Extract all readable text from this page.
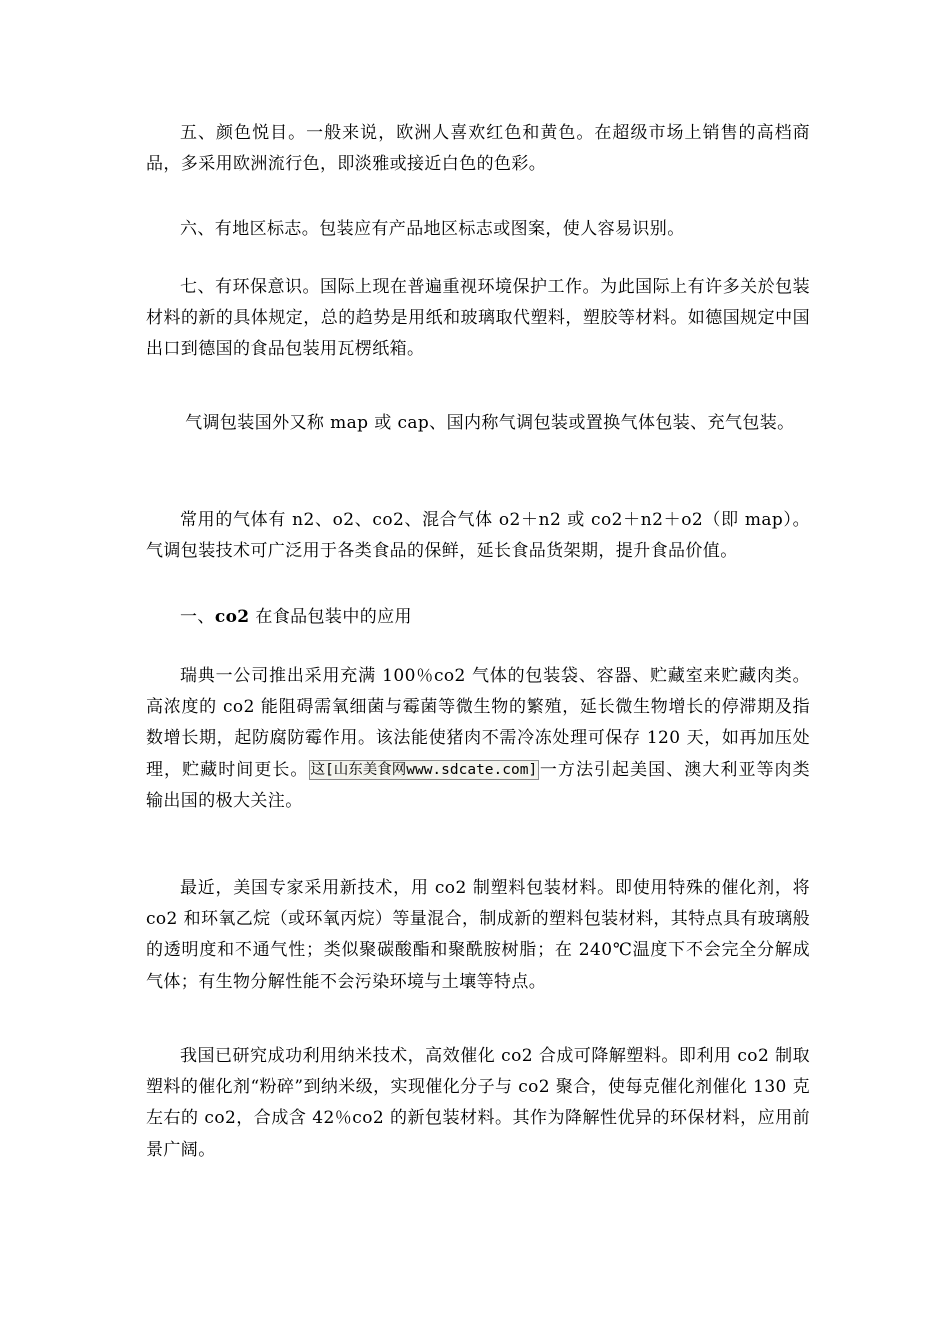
五、颜色悦目。一般来说，欧洲人喜欢红色和黄色。在超级市场上销售的高档商品，多采用欧洲流行色，即淡雅或接近白色的色彩。

六、有地区标志。包装应有产品地区标志或图案，使人容易识别。

七、有环保意识。国际上现在普遍重视环境保护工作。为此国际上有许多关於包装材料的新的具体规定，总的趋势是用纸和玻璃取代塑料，塑胶等材料。如德国规定中国出口到德国的食品包装用瓦楞纸箱。

气调包装国外又称 map 或 cap、国内称气调包装或置换气体包装、充气包装。

常用的气体有 n2、o2、co2、混合气体 o2＋n2 或 co2＋n2＋o2（即 map）。气调包装技术可广泛用于各类食品的保鲜，延长食品货架期，提升食品价值。

一、co2 在食品包装中的应用

瑞典一公司推出采用充满 100％co2 气体的包装袋、容器、贮藏室来贮藏肉类。高浓度的 co2 能阻碍需氧细菌与霉菌等微生物的繁殖，延长微生物增长的停滞期及指数增长期，起防腐防霉作用。该法能使猪肉不需冷冻处理可保存 120 天，如再加压处理，贮藏时间更长。 这[山东美食网www.sdcate.com] 一方法引起美国、澳大利亚等肉类输出国的极大关注。

最近，美国专家采用新技术，用 co2 制塑料包装材料。即使用特殊的催化剂，将 co2 和环氧乙烷（或环氧丙烷）等量混合，制成新的塑料包装材料，其特点具有玻璃般的透明度和不通气性；类似聚碳酸酯和聚酰胺树脂；在 240℃温度下不会完全分解成气体；有生物分解性能不会污染环境与土壤等特点。

我国已研究成功利用纳米技术，高效催化 co2 合成可降解塑料。即利用 co2 制取塑料的催化剂“粉碎”到纳米级，实现催化分子与 co2 聚合，使每克催化剂催化 130 克左右的 co2，合成含 42％co2 的新包装材料。其作为降解性优异的环保材料，应用前景广阔。
